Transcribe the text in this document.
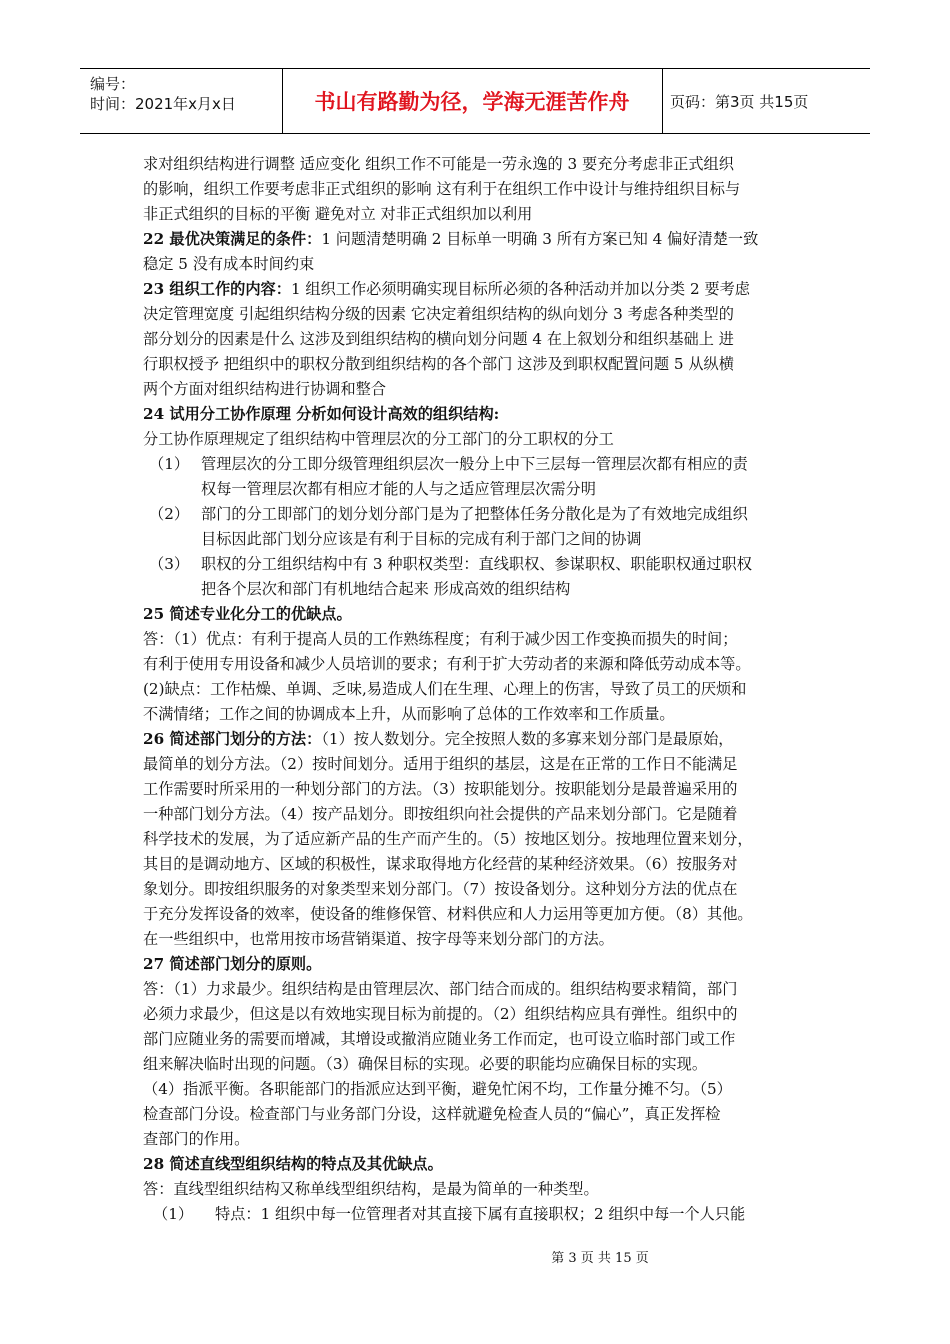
编号：
时间：2021年x月x日	书山有路勤为径，学海无涯苦作舟	页码：第3页 共15页
求对组织结构进行调整 适应变化 组织工作不可能是一劳永逸的 3 要充分考虑非正式组织
的影响，组织工作要考虑非正式组织的影响 这有利于在组织工作中设计与维持组织目标与
非正式组织的目标的平衡 避免对立 对非正式组织加以利用
22 最优决策满足的条件：1 问题清楚明确 2 目标单一明确 3 所有方案已知 4 偏好清楚一致
稳定 5 没有成本时间约束
23 组织工作的内容：1 组织工作必须明确实现目标所必须的各种活动并加以分类 2 要考虑
决定管理宽度 引起组织结构分级的因素 它决定着组织结构的纵向划分 3 考虑各种类型的
部分划分的因素是什么 这涉及到组织结构的横向划分问题 4 在上叙划分和组织基础上 进
行职权授予 把组织中的职权分散到组织结构的各个部门 这涉及到职权配置问题 5 从纵横
两个方面对组织结构进行协调和整合
24 试用分工协作原理 分析如何设计高效的组织结构:
分工协作原理规定了组织结构中管理层次的分工部门的分工职权的分工
（1） 管理层次的分工即分级管理组织层次一般分上中下三层每一管理层次都有相应的责
权每一管理层次都有相应才能的人与之适应管理层次需分明
（2） 部门的分工即部门的划分划分部门是为了把整体任务分散化是为了有效地完成组织
目标因此部门划分应该是有利于目标的完成有利于部门之间的协调
（3） 职权的分工组织结构中有 3 种职权类型：直线职权、参谋职权、职能职权通过职权
把各个层次和部门有机地结合起来 形成高效的组织结构
25 简述专业化分工的优缺点。
答：（1）优点：有利于提高人员的工作熟练程度；有利于减少因工作变换而损失的时间；
有利于使用专用设备和减少人员培训的要求；有利于扩大劳动者的来源和降低劳动成本等。
(2)缺点：工作枯燥、单调、乏味,易造成人们在生理、心理上的伤害，导致了员工的厌烦和
不满情绪；工作之间的协调成本上升，从而影响了总体的工作效率和工作质量。
26 简述部门划分的方法：（1）按人数划分。完全按照人数的多寡来划分部门是最原始，
最简单的划分方法。（2）按时间划分。适用于组织的基层，这是在正常的工作日不能满足
工作需要时所采用的一种划分部门的方法。（3）按职能划分。按职能划分是最普遍采用的
一种部门划分方法。（4）按产品划分。即按组织向社会提供的产品来划分部门。它是随着
科学技术的发展，为了适应新产品的生产而产生的。（5）按地区划分。按地理位置来划分，
其目的是调动地方、区域的积极性，谋求取得地方化经营的某种经济效果。（6）按服务对
象划分。即按组织服务的对象类型来划分部门。（7）按设备划分。这种划分方法的优点在
于充分发挥设备的效率，使设备的维修保管、材料供应和人力运用等更加方便。（8）其他。
在一些组织中，也常用按市场营销渠道、按字母等来划分部门的方法。
27 简述部门划分的原则。
答：（1）力求最少。组织结构是由管理层次、部门结合而成的。组织结构要求精简，部门
必须力求最少，但这是以有效地实现目标为前提的。（2）组织结构应具有弹性。组织中的
部门应随业务的需要而增减，其增设或撤消应随业务工作而定，也可设立临时部门或工作
组来解决临时出现的问题。（3）确保目标的实现。必要的职能均应确保目标的实现。
（4）指派平衡。各职能部门的指派应达到平衡，避免忙闲不均，工作量分摊不匀。（5）
检查部门分设。检查部门与业务部门分设，这样就避免检查人员的“偏心”，真正发挥检
查部门的作用。
28 简述直线型组织结构的特点及其优缺点。
答：直线型组织结构又称单线型组织结构，是最为简单的一种类型。
（1） 特点：1 组织中每一位管理者对其直接下属有直接职权；2 组织中每一个人只能
第 3 页 共 15 页
